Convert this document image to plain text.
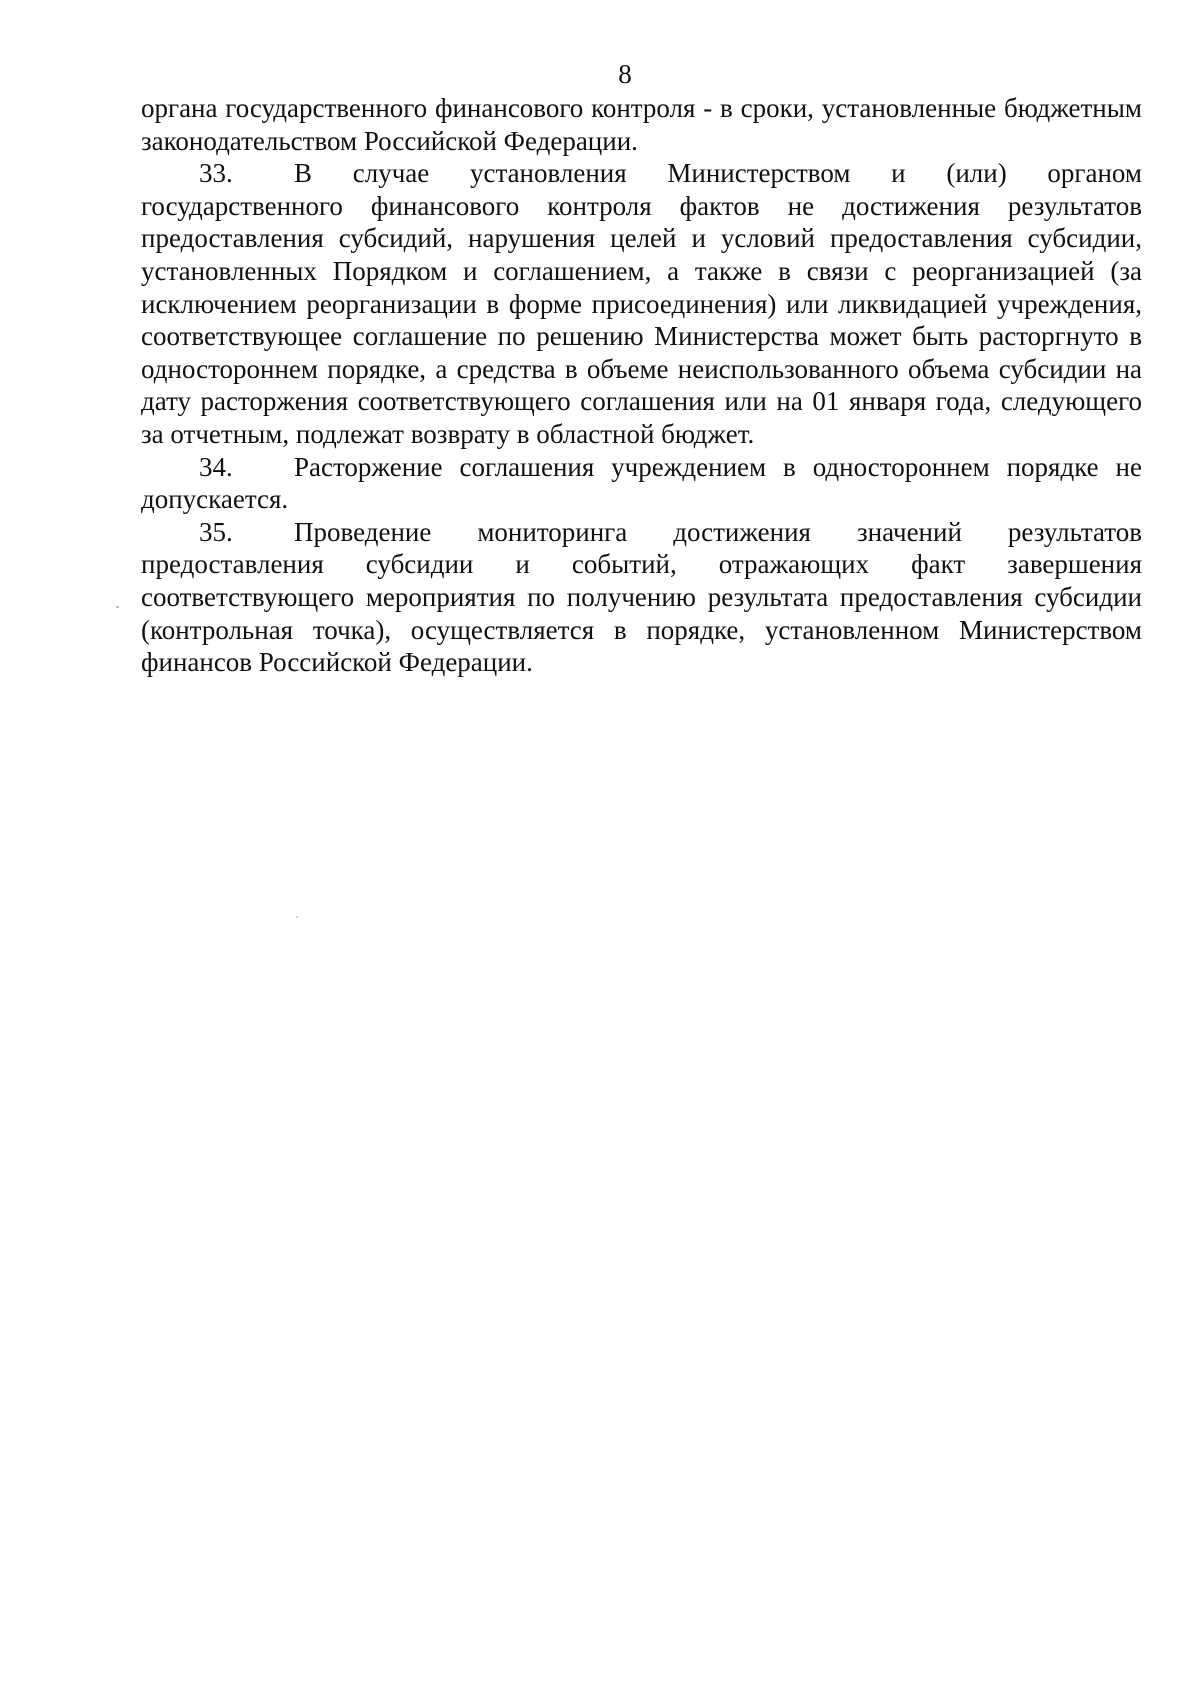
8

органа государственного финансового контроля - в сроки, установленные бюджетным законодательством Российской Федерации.

33. В случае установления Министерством и (или) органом государственного финансового контроля фактов не достижения результатов предоставления субсидий, нарушения целей и условий предоставления субсидии, установленных Порядком и соглашением, а также в связи с реорганизацией (за исключением реорганизации в форме присоединения) или ликвидацией учреждения, соответствующее соглашение по решению Министерства может быть расторгнуто в одностороннем порядке, а средства в объеме неиспользованного объема субсидии на дату расторжения соответствующего соглашения или на 01 января года, следующего за отчетным, подлежат возврату в областной бюджет.

34. Расторжение соглашения учреждением в одностороннем порядке не допускается.

35. Проведение мониторинга достижения значений результатов предоставления субсидии и событий, отражающих факт завершения соответствующего мероприятия по получению результата предоставления субсидии (контрольная точка), осуществляется в порядке, установленном Министерством финансов Российской Федерации.
